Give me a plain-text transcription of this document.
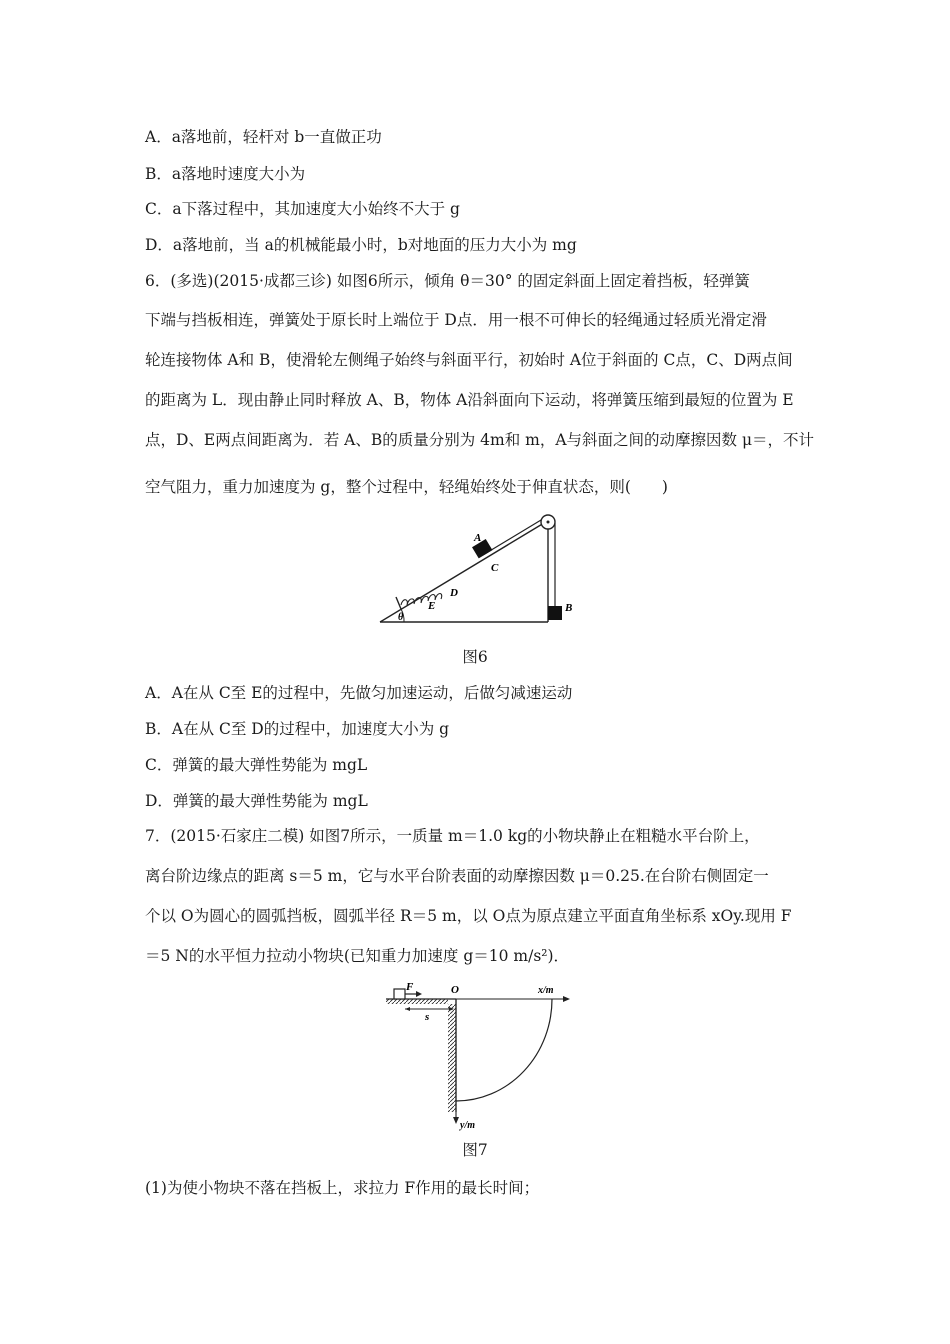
A．a落地前，轻杆对 b一直做正功
B．a落地时速度大小为
C．a下落过程中，其加速度大小始终不大于 g
D．a落地前，当 a的机械能最小时，b对地面的压力大小为 mg
6．(多选)(2015·成都三诊) 如图6所示，倾角 θ＝30° 的固定斜面上固定着挡板，轻弹簧
下端与挡板相连，弹簧处于原长时上端位于 D点．用一根不可伸长的轻绳通过轻质光滑定滑
轮连接物体 A和 B，使滑轮左侧绳子始终与斜面平行，初始时 A位于斜面的 C点，C、D两点间
的距离为 L．现由静止同时释放 A、B，物体 A沿斜面向下运动，将弹簧压缩到最短的位置为 E
点，D、E两点间距离为．若 A、B的质量分别为 4m和 m，A与斜面之间的动摩擦因数 μ＝，不计
空气阻力，重力加速度为 g，整个过程中，轻绳始终处于伸直状态，则(　　)
A
C
D
E	B
θ
图6
A．A在从 C至 E的过程中，先做匀加速运动，后做匀减速运动
B．A在从 C至 D的过程中，加速度大小为 g
C．弹簧的最大弹性势能为 mgL
D．弹簧的最大弹性势能为 mgL
7．(2015·石家庄二模) 如图7所示，一质量 m＝1.0 kg的小物块静止在粗糙水平台阶上，
离台阶边缘点的距离 s＝5 m，它与水平台阶表面的动摩擦因数 μ＝0.25.在台阶右侧固定一
个以 O为圆心的圆弧挡板，圆弧半径 R＝5 m，以 O点为原点建立平面直角坐标系 xOy.现用 F
＝5 N的水平恒力拉动小物块(已知重力加速度 g＝10 m/s²)．
F	O
s
x/m
y/m
图7
(1)为使小物块不落在挡板上，求拉力 F作用的最长时间；
